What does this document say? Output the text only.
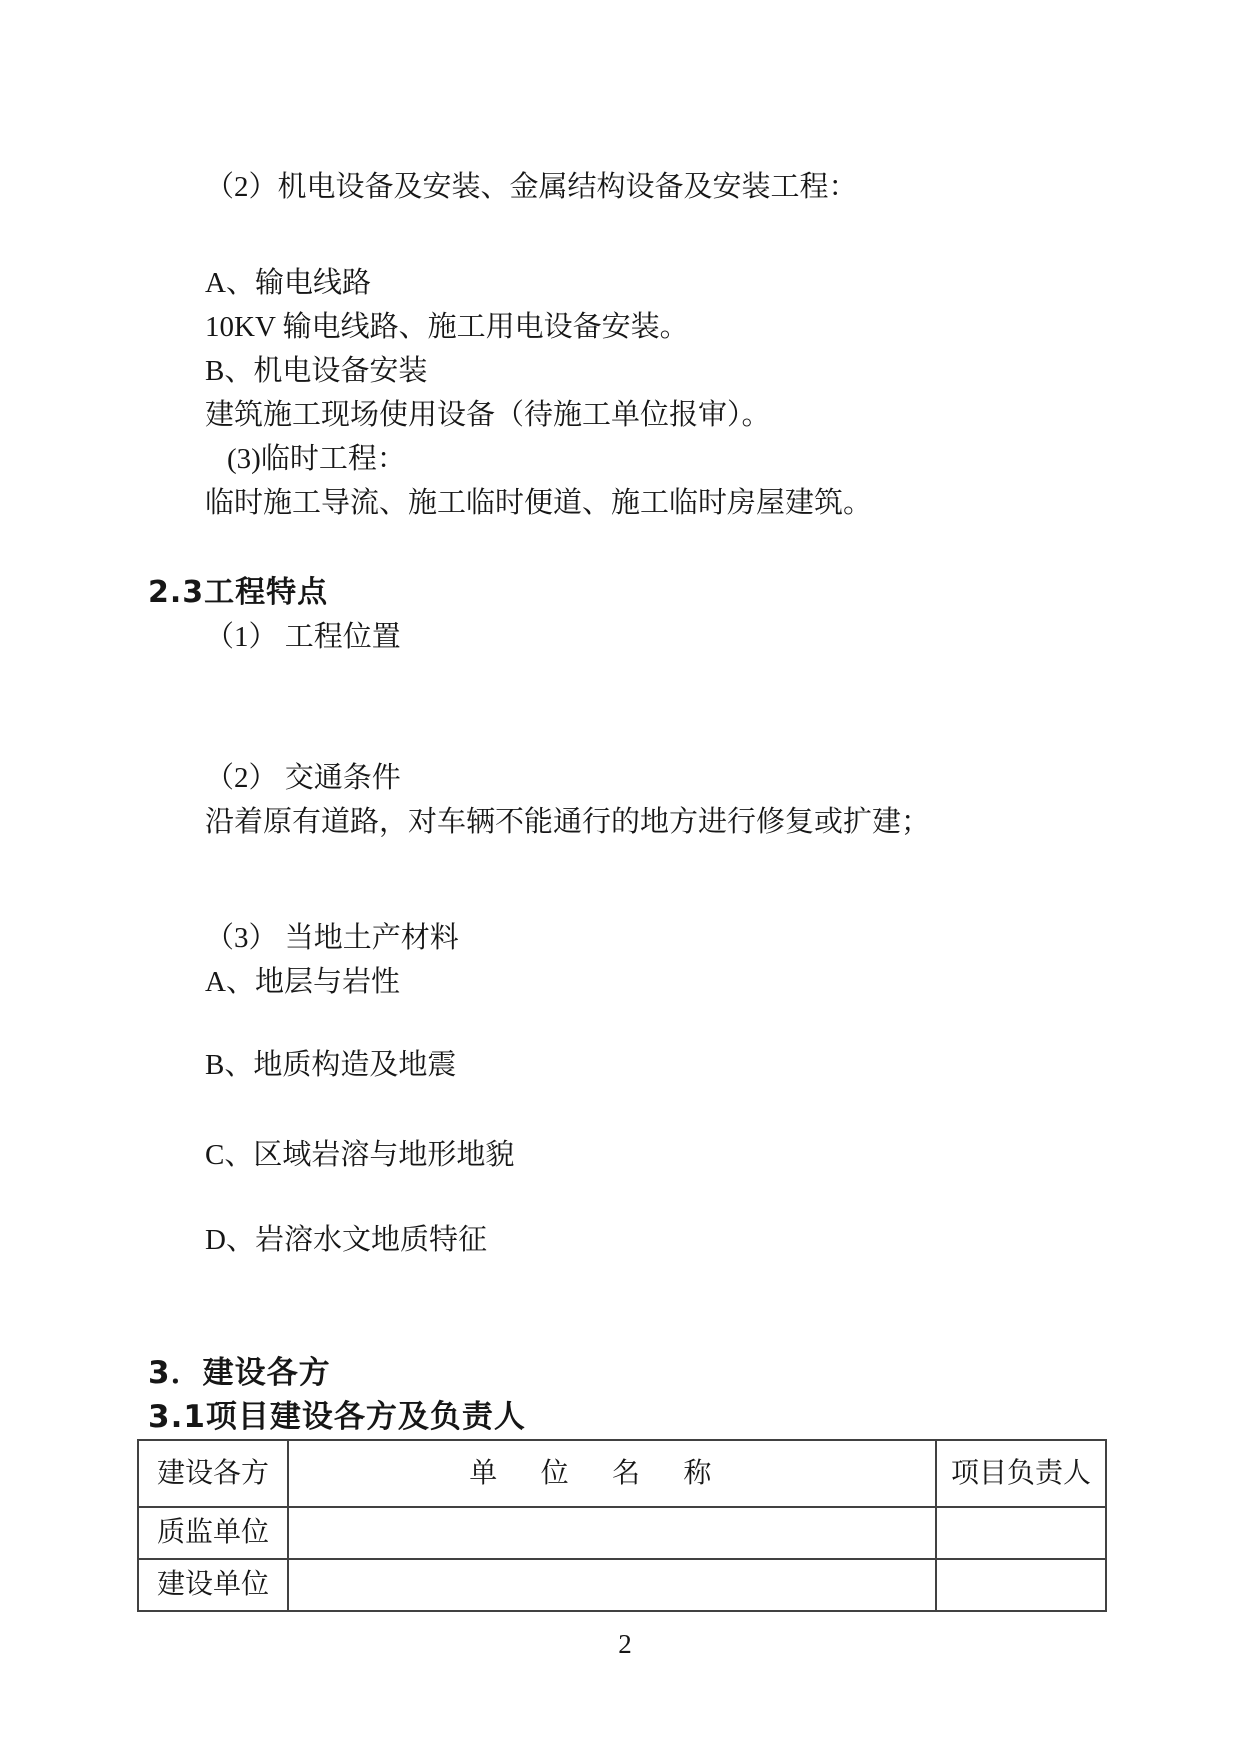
（2）机电设备及安装、金属结构设备及安装工程：

A、输电线路

10KV 输电线路、施工用电设备安装。

B、机电设备安装

建筑施工现场使用设备（待施工单位报审）。

(3)临时工程：

临时施工导流、施工临时便道、施工临时房屋建筑。

2.3工程特点

（1） 工程位置

（2） 交通条件

沿着原有道路，对车辆不能通行的地方进行修复或扩建；

（3） 当地土产材料

A、地层与岩性

B、地质构造及地震

C、区域岩溶与地形地貌

D、岩溶水文地质特征

3．建设各方
3.1项目建设各方及负责人
建设各方	单位名称	项目负责人
质监单位		
建设单位		
2
